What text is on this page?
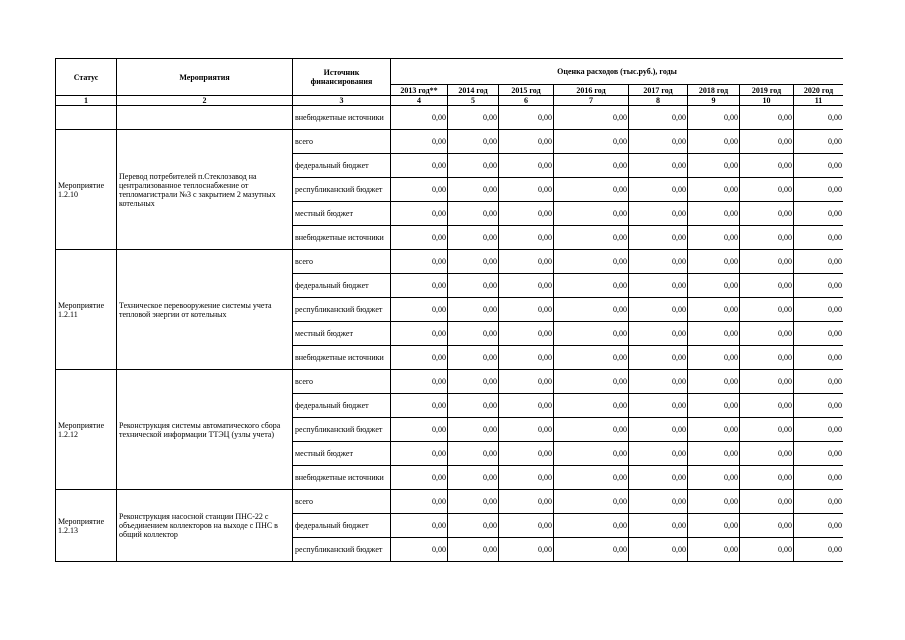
Статус	Мероприятия	Источник финансирования	Оценка расходов (тыс.руб.), годы							
			2013 год**	2014 год	2015 год	2016 год	2017 год	2018 год	2019 год	2020 год
1	2	3	4	5	6	7	8	9	10	11
		внебюджетные источники	0,00	0,00	0,00	0,00	0,00	0,00	0,00	0,00
Мероприятие 1.2.10	Перевод потребителей п.Стеклозавод на централизованное теплоснабжение от тепломагистрали №3 с закрытием 2 мазутных котельных	всего	0,00	0,00	0,00	0,00	0,00	0,00	0,00	0,00
		федеральный бюджет	0,00	0,00	0,00	0,00	0,00	0,00	0,00	0,00
		республиканский бюджет	0,00	0,00	0,00	0,00	0,00	0,00	0,00	0,00
		местный бюджет	0,00	0,00	0,00	0,00	0,00	0,00	0,00	0,00
		внебюджетные источники	0,00	0,00	0,00	0,00	0,00	0,00	0,00	0,00
Мероприятие 1.2.11	Техническое перевооружение системы учета тепловой энергии от котельных	всего	0,00	0,00	0,00	0,00	0,00	0,00	0,00	0,00
		федеральный бюджет	0,00	0,00	0,00	0,00	0,00	0,00	0,00	0,00
		республиканский бюджет	0,00	0,00	0,00	0,00	0,00	0,00	0,00	0,00
		местный бюджет	0,00	0,00	0,00	0,00	0,00	0,00	0,00	0,00
		внебюджетные источники	0,00	0,00	0,00	0,00	0,00	0,00	0,00	0,00
Мероприятие 1.2.12	Реконструкция системы автоматического сбора технической информации ТТЭЦ (узлы учета)	всего	0,00	0,00	0,00	0,00	0,00	0,00	0,00	0,00
		федеральный бюджет	0,00	0,00	0,00	0,00	0,00	0,00	0,00	0,00
		республиканский бюджет	0,00	0,00	0,00	0,00	0,00	0,00	0,00	0,00
		местный бюджет	0,00	0,00	0,00	0,00	0,00	0,00	0,00	0,00
		внебюджетные источники	0,00	0,00	0,00	0,00	0,00	0,00	0,00	0,00
Мероприятие 1.2.13	Реконструкция насосной станции ПНС-22 с объединением коллекторов на выходе с ПНС в общий коллектор	всего	0,00	0,00	0,00	0,00	0,00	0,00	0,00	0,00
		федеральный бюджет	0,00	0,00	0,00	0,00	0,00	0,00	0,00	0,00
		республиканский бюджет	0,00	0,00	0,00	0,00	0,00	0,00	0,00	0,00
